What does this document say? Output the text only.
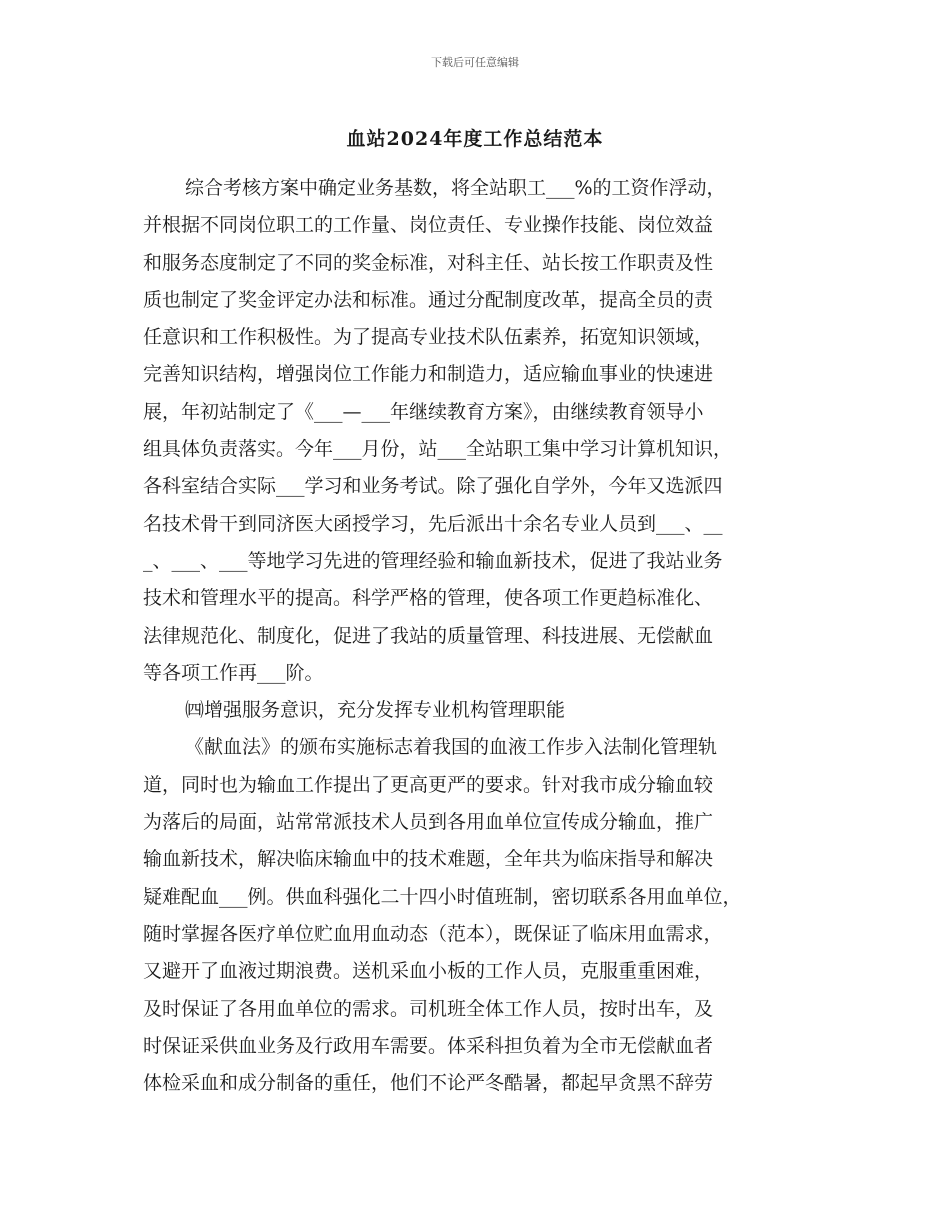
下载后可任意编辑
血站2024年度工作总结范本
综合考核方案中确定业务基数，将全站职工___%的工资作浮动，
并根据不同岗位职工的工作量、岗位责任、专业操作技能、岗位效益
和服务态度制定了不同的奖金标准，对科主任、站长按工作职责及性
质也制定了奖金评定办法和标准。通过分配制度改革，提高全员的责
任意识和工作积极性。为了提高专业技术队伍素养，拓宽知识领域，
完善知识结构，增强岗位工作能力和制造力，适应输血事业的快速进
展，年初站制定了《___—___年继续教育方案》，由继续教育领导小
组具体负责落实。今年___月份，站___全站职工集中学习计算机知识，
各科室结合实际___学习和业务考试。除了强化自学外，今年又选派四
名技术骨干到同济医大函授学习，先后派出十余名专业人员到___、__
_、___、___等地学习先进的管理经验和输血新技术，促进了我站业务
技术和管理水平的提高。科学严格的管理，使各项工作更趋标准化、
法律规范化、制度化，促进了我站的质量管理、科技进展、无偿献血
等各项工作再___阶。
㈣增强服务意识，充分发挥专业机构管理职能
《献血法》的颁布实施标志着我国的血液工作步入法制化管理轨
道，同时也为输血工作提出了更高更严的要求。针对我市成分输血较
为落后的局面，站常常派技术人员到各用血单位宣传成分输血，推广
输血新技术，解决临床输血中的技术难题，全年共为临床指导和解决
疑难配血___例。供血科强化二十四小时值班制，密切联系各用血单位，
随时掌握各医疗单位贮血用血动态（范本），既保证了临床用血需求，
又避开了血液过期浪费。送机采血小板的工作人员，克服重重困难，
及时保证了各用血单位的需求。司机班全体工作人员，按时出车，及
时保证采供血业务及行政用车需要。体采科担负着为全市无偿献血者
体检采血和成分制备的重任，他们不论严冬酷暑，都起早贪黑不辞劳
